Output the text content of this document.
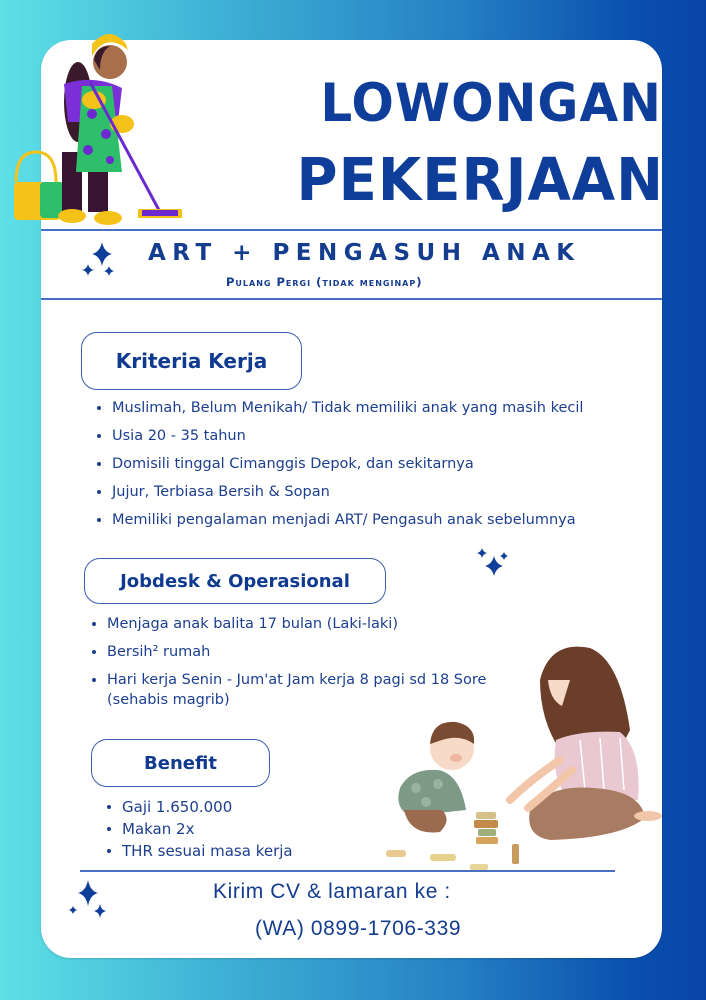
LOWONGAN
PEKERJAAN
ART + PENGASUH ANAK
Pulang Pergi (tidak menginap)
Kriteria Kerja
Muslimah, Belum Menikah/ Tidak memiliki anak yang masih kecil
Usia 20 - 35 tahun
Domisili tinggal Cimanggis Depok, dan sekitarnya
Jujur, Terbiasa Bersih & Sopan
Memiliki pengalaman menjadi ART/ Pengasuh anak sebelumnya
Jobdesk & Operasional
Menjaga anak balita 17 bulan (Laki-laki)
Bersih² rumah
Hari kerja Senin - Jum'at Jam kerja 8 pagi sd 18 Sore (sehabis magrib)
Benefit
Gaji 1.650.000
Makan 2x
THR sesuai masa kerja
Kirim CV & lamaran ke :
(WA) 0899-1706-339
